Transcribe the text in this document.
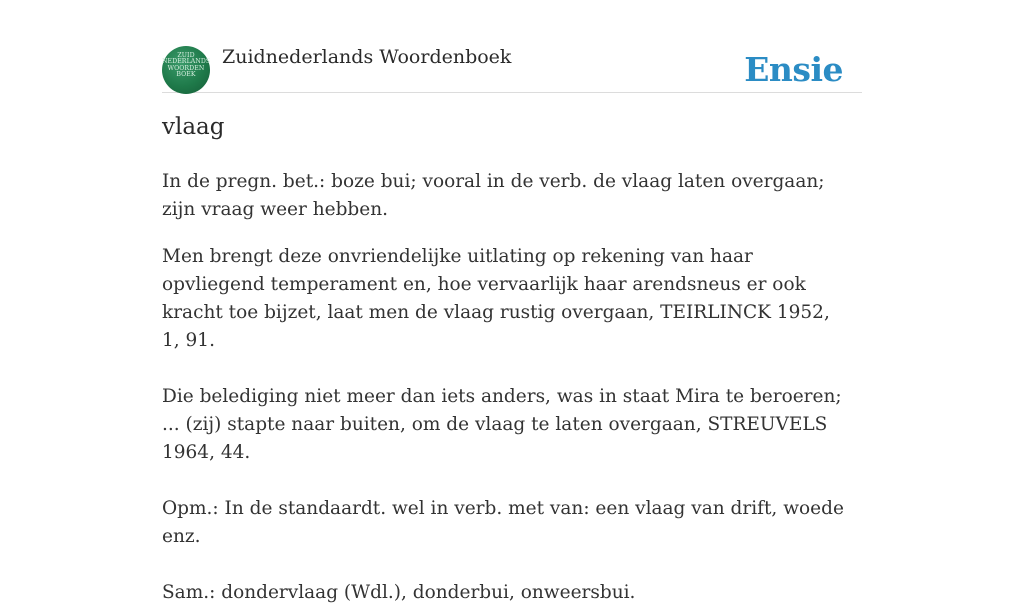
ZUID
NEDERLANDS
WOORDEN
BOEK
Zuidnederlands Woordenboek	Ensie
vlaag

In de pregn. bet.: boze bui; vooral in de verb. de vlaag laten overgaan; zijn vraag weer hebben.

Men brengt deze onvriendelijke uitlating op rekening van haar opvliegend temperament en, hoe vervaarlijk haar arendsneus er ook kracht toe bijzet, laat men de vlaag rustig overgaan, TEIRLINCK 1952, 1, 91.

Die belediging niet meer dan iets anders, was in staat Mira te beroeren; ... (zij) stapte naar buiten, om de vlaag te laten overgaan, STREUVELS 1964, 44.

Opm.: In de standaardt. wel in verb. met van: een vlaag van drift, woede enz.

Sam.: dondervlaag (Wdl.), donderbui, onweersbui.
